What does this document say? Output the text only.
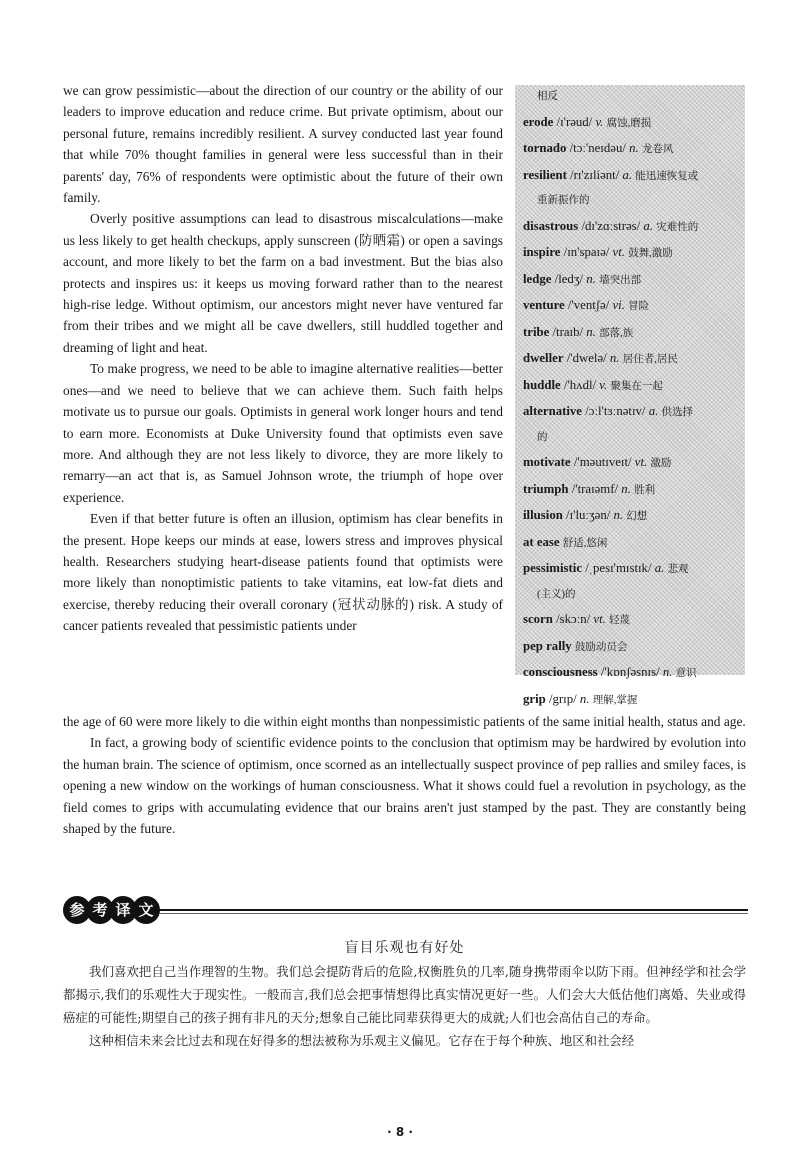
we can grow pessimistic—about the direction of our country or the ability of our leaders to improve education and reduce crime. But private optimism, about our personal future, remains incredibly resilient. A survey conducted last year found that while 70% thought families in general were less successful than in their parents' day, 76% of respondents were optimistic about the future of their own family.

Overly positive assumptions can lead to disastrous miscalculations—make us less likely to get health checkups, apply sunscreen (防晒霜) or open a savings account, and more likely to bet the farm on a bad investment. But the bias also protects and inspires us: it keeps us moving forward rather than to the nearest high-rise ledge. Without optimism, our ancestors might never have ventured far from their tribes and we might all be cave dwellers, still huddled together and dreaming of light and heat.

To make progress, we need to be able to imagine alternative realities—better ones—and we need to believe that we can achieve them. Such faith helps motivate us to pursue our goals. Optimists in general work longer hours and tend to earn more. Economists at Duke University found that optimists even save more. And although they are not less likely to divorce, they are more likely to remarry—an act that is, as Samuel Johnson wrote, the triumph of hope over experience.

Even if that better future is often an illusion, optimism has clear benefits in the present. Hope keeps our minds at ease, lowers stress and improves physical health. Researchers studying heart-disease patients found that optimists were more likely than nonoptimistic patients to take vitamins, eat low-fat diets and exercise, thereby reducing their overall coronary (冠状动脉的) risk. A study of cancer patients revealed that pessimistic patients under

相反
erode /ɪ'rəud/ v. 腐蚀,磨损
tornado /tɔː'neɪdəu/ n. 龙卷风
resilient /rɪ'zɪliənt/ a. 能迅速恢复或
重新振作的
disastrous /dɪ'zɑːstrəs/ a. 灾难性的
inspire /ɪn'spaɪə/ vt. 鼓舞,激励
ledge /ledʒ/ n. 墙突出部
venture /'ventʃə/ vi. 冒险
tribe /traɪb/ n. 部落,族
dweller /'dwelə/ n. 居住者,居民
huddle /'hʌdl/ v. 聚集在一起
alternative /ɔːl'tɜːnətɪv/ a. 供选择
的
motivate /'məutɪveɪt/ vt. 激励
triumph /'traɪəmf/ n. 胜利
illusion /ɪ'luːʒən/ n. 幻想
at ease 舒适,悠闲
pessimistic /ˌpesɪ'mɪstɪk/ a. 悲观
(主义)的
scorn /skɔːn/ vt. 轻蔑
pep rally 鼓励动员会
consciousness /'kɒnʃəsnɪs/ n. 意识
grip /grɪp/ n. 理解,掌握

the age of 60 were more likely to die within eight months than nonpessimistic patients of the same initial health, status and age.

In fact, a growing body of scientific evidence points to the conclusion that optimism may be hardwired by evolution into the human brain. The science of optimism, once scorned as an intellectually suspect province of pep rallies and smiley faces, is opening a new window on the workings of human consciousness. What it shows could fuel a revolution in psychology, as the field comes to grips with accumulating evidence that our brains aren't just stamped by the past. They are constantly being shaped by the future.

参 考 译 文
盲目乐观也有好处

我们喜欢把自己当作理智的生物。我们总会提防背后的危险,权衡胜负的几率,随身携带雨伞以防下雨。但神经学和社会学都揭示,我们的乐观性大于现实性。一般而言,我们总会把事情想得比真实情况更好一些。人们会大大低估他们离婚、失业或得癌症的可能性;期望自己的孩子拥有非凡的天分;想象自己能比同辈获得更大的成就;人们也会高估自己的寿命。

这种相信未来会比过去和现在好得多的想法被称为乐观主义偏见。它存在于每个种族、地区和社会经

· 8 ·
